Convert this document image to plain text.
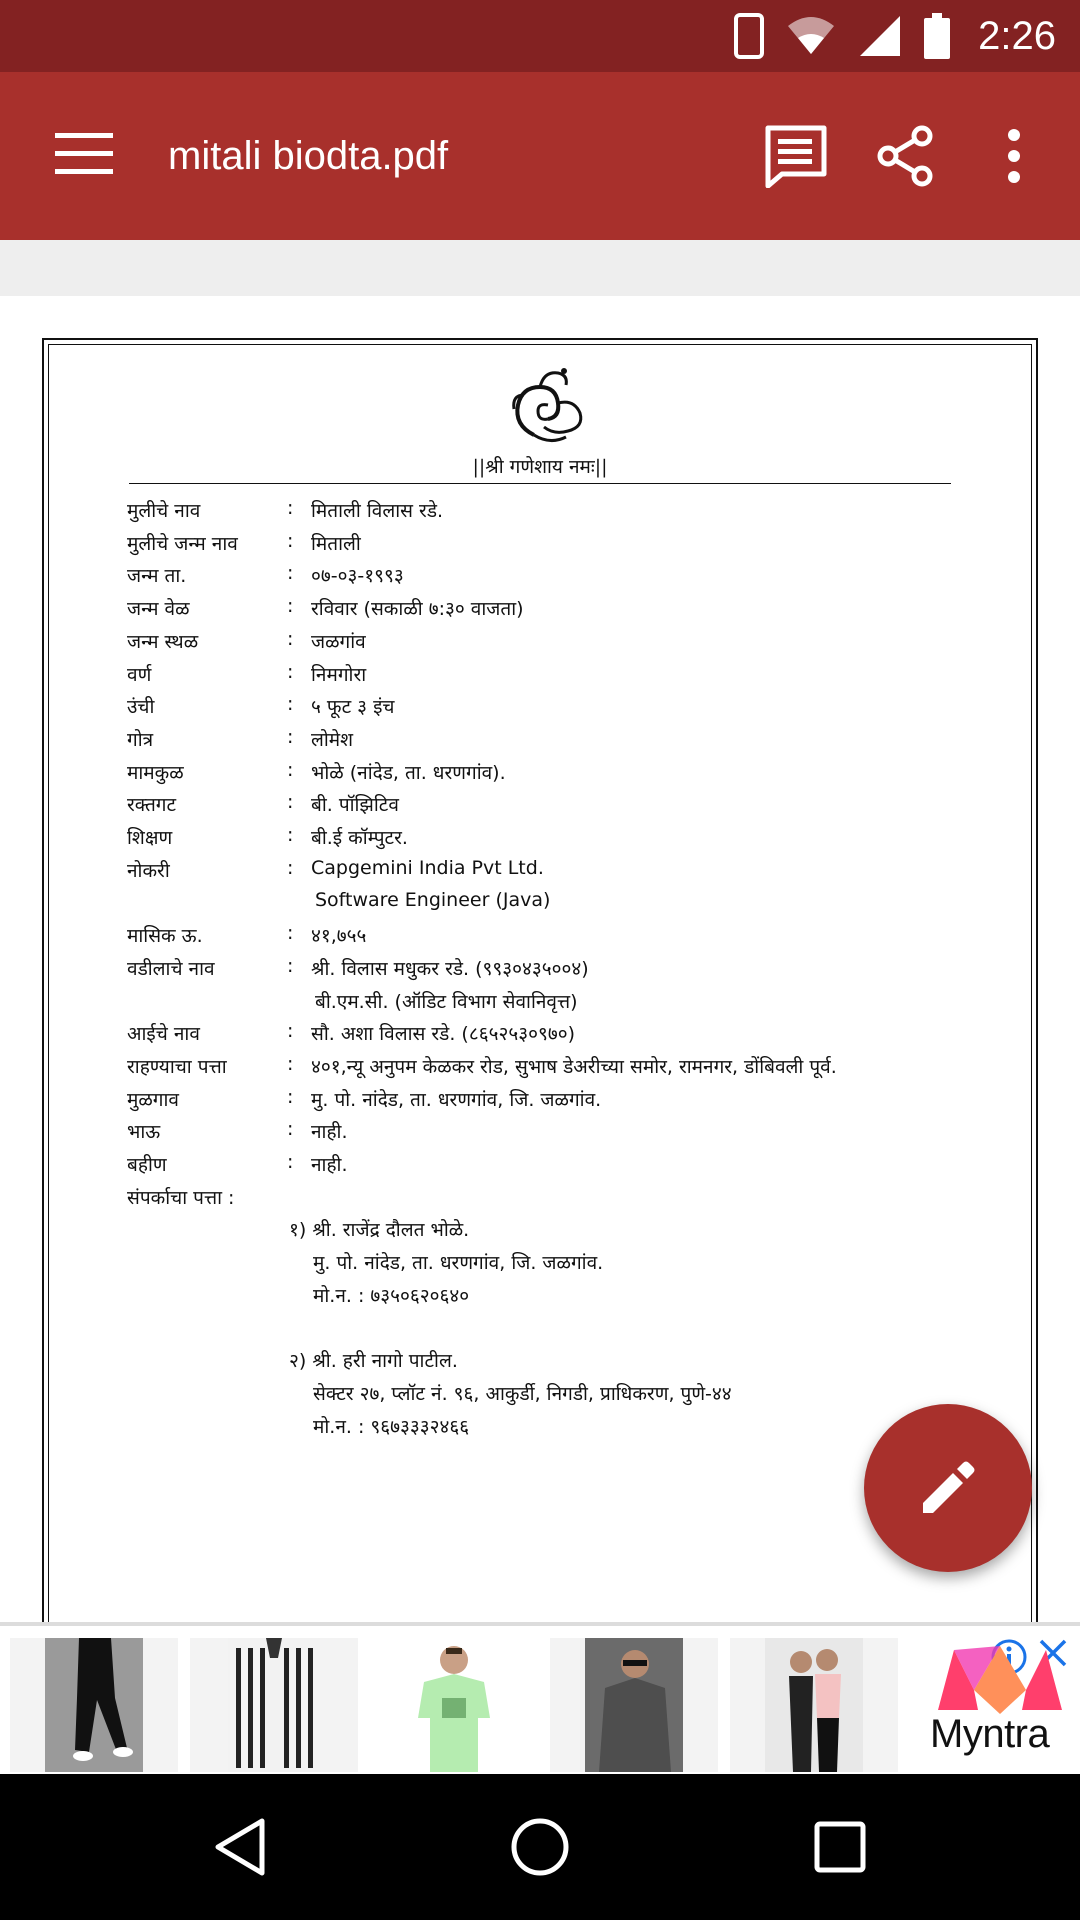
2:26
mitali biodta.pdf
||श्री गणेशाय नमः||
मुलीचे नाव	: मिताली विलास रडे.
मुलीचे जन्म नाव	: मिताली
जन्म ता.	: ०७-०३-१९९३
जन्म वेळ	: रविवार (सकाळी ७:३० वाजता)
जन्म स्थळ	: जळगांव
वर्ण	: निमगोरा
उंची	: ५ फूट ३ इंच
गोत्र	: लोमेश
मामकुळ	: भोळे (नांदेड, ता. धरणगांव).
रक्तगट	: बी. पॉझिटिव
शिक्षण	: बी.ई कॉम्पुटर.
नोकरी	: Capgemini India Pvt Ltd.
Software Engineer (Java)
मासिक ऊ.	: ४१,७५५
वडीलाचे नाव	: श्री. विलास मधुकर रडे. (९९३०४३५००४)
बी.एम.सी. (ऑडिट विभाग सेवानिवृत्त)
आईचे नाव	: सौ. अशा विलास रडे. (८६५२५३०९७०)
राहण्याचा पत्ता	: ४०१,न्यू अनुपम केळकर रोड, सुभाष डेअरीच्या समोर, रामनगर, डोंबिवली पूर्व.
मुळगाव	: मु. पो. नांदेड, ता. धरणगांव, जि. जळगांव.
भाऊ	: नाही.
बहीण	: नाही.
संपर्काचा पत्ता :
१) श्री. राजेंद्र दौलत भोळे.
मु. पो. नांदेड, ता. धरणगांव, जि. जळगांव.
मो.न. : ७३५०६२०६४०
२) श्री. हरी नागो पाटील.
सेक्टर २७, प्लॉट नं. ९६, आकुर्डी, निगडी, प्राधिकरण, पुणे-४४
मो.न. : ९६७३३३२४६६
Myntra
